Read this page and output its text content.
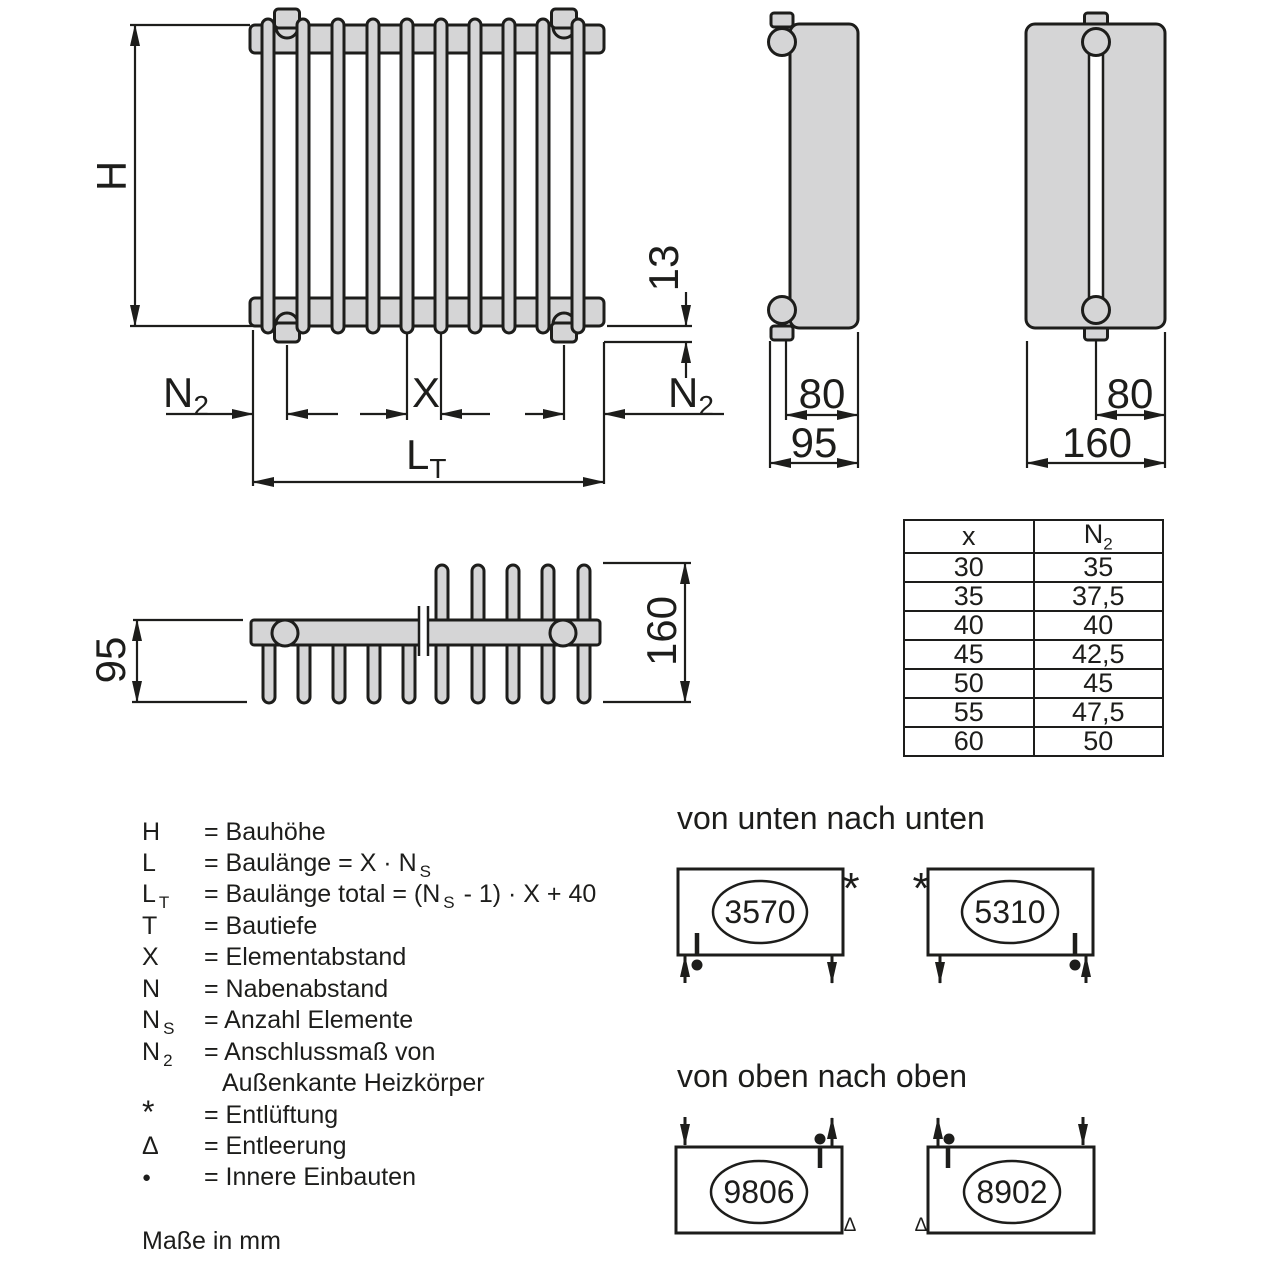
H
13
N2	X	N2
$L_T$
80
95
80
160
95	160
x	$N_2$
30	35
35	37,5
40	40
45	42,5
50	45
55	47,5
60	50
H	= Bauhöhe
L	= Baulänge = X · N $_S$
L $_T$	= Baulänge total = (N $_S$ - 1) · X + 40
T	= Bautiefe
X	= Elementabstand
N	= Nabenabstand
N $_S$	= Anzahl Elemente
N $_2$	= Anschlussmaß von
Außenkante Heizkörper
*	= Entlüftung
Δ	= Entleerung
●	= Innere Einbauten
Maße in mm
von unten nach unten
3570 *	5310
*
von oben nach oben
9806
Δ
8902
Δ
